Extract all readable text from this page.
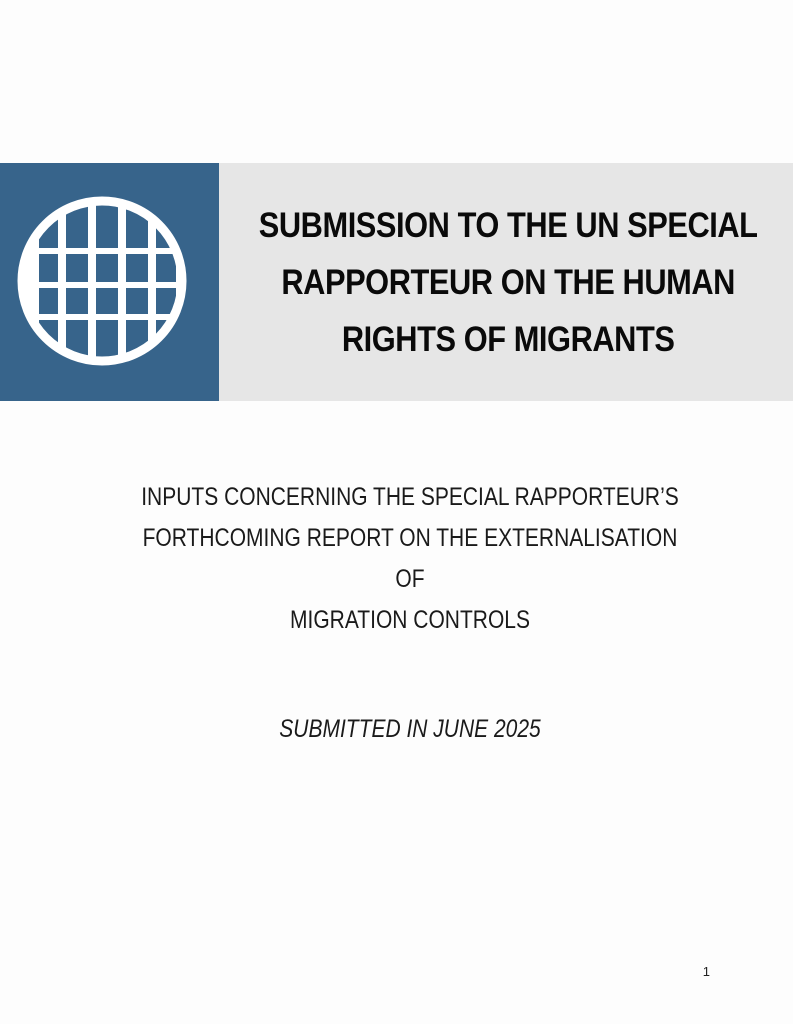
SUBMISSION TO THE UN SPECIAL
RAPPORTEUR ON THE HUMAN
RIGHTS OF MIGRANTS

INPUTS CONCERNING THE SPECIAL RAPPORTEUR’S
FORTHCOMING REPORT ON THE EXTERNALISATION OF
MIGRATION CONTROLS

SUBMITTED IN JUNE 2025

1
